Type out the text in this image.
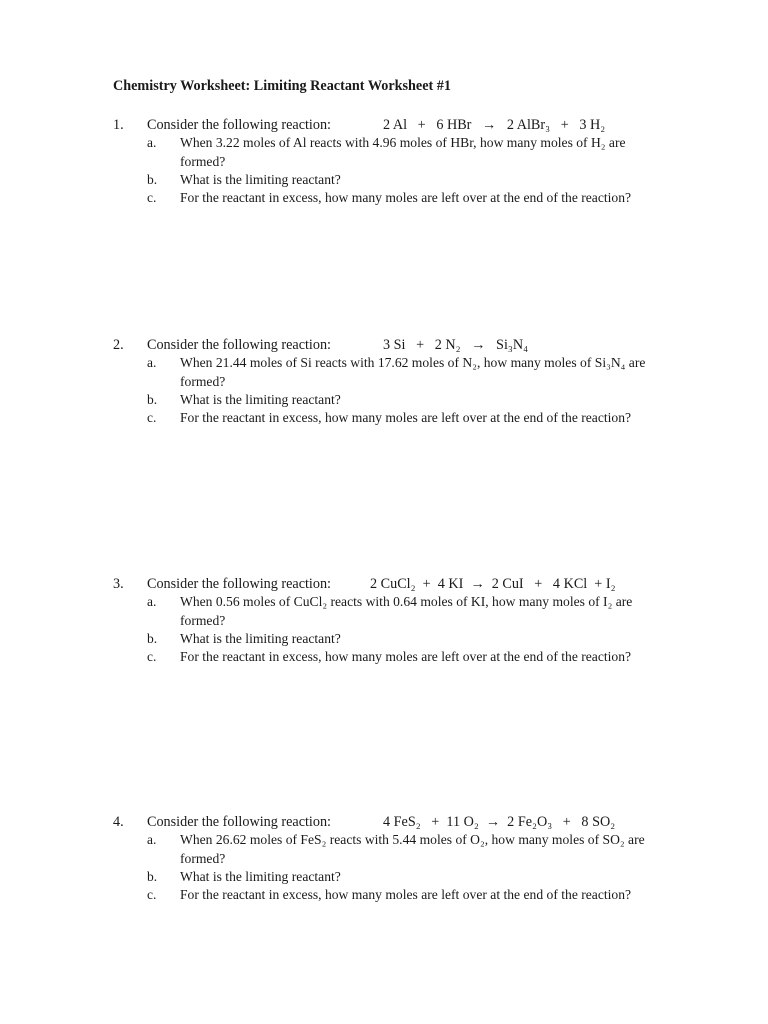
Chemistry Worksheet: Limiting Reactant Worksheet #1
1. Consider the following reaction:	2 Al   +   6 HBr   →   2 AlBr₃   +   3 H₂
a. When 3.22 moles of Al reacts with 4.96 moles of HBr, how many moles of H₂ are formed?
b. What is the limiting reactant?
c. For the reactant in excess, how many moles are left over at the end of the reaction?
2. Consider the following reaction:	3 Si   +   2 N₂   →   Si₃N₄
a. When 21.44 moles of Si reacts with 17.62 moles of N₂, how many moles of Si₃N₄ are formed?
b. What is the limiting reactant?
c. For the reactant in excess, how many moles are left over at the end of the reaction?
3. Consider the following reaction:	2 CuCl₂  +  4 KI  →  2 CuI   +   4 KCl  + I₂
a. When 0.56 moles of CuCl₂ reacts with 0.64 moles of KI, how many moles of I₂ are formed?
b. What is the limiting reactant?
c. For the reactant in excess, how many moles are left over at the end of the reaction?
4. Consider the following reaction:	4 FeS₂   +  11 O₂  →  2 Fe₂O₃   +   8 SO₂
a. When 26.62 moles of FeS₂ reacts with 5.44 moles of O₂, how many moles of SO₂ are formed?
b. What is the limiting reactant?
c. For the reactant in excess, how many moles are left over at the end of the reaction?
